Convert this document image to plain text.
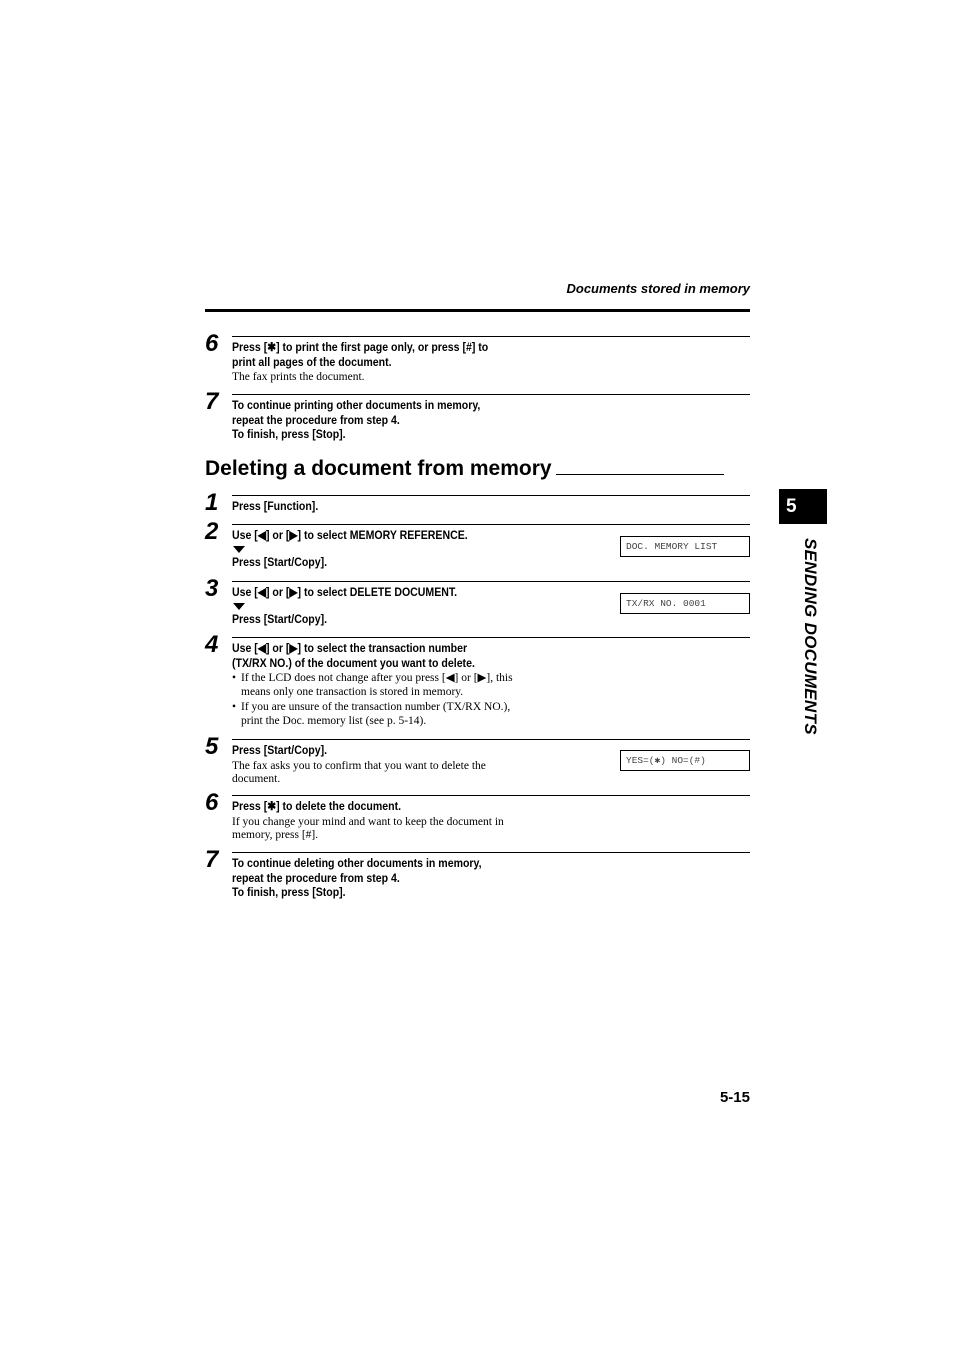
Documents stored in memory
6 Press [✱] to print the first page only, or press [#] to
print all pages of the document.
The fax prints the document.
7 To continue printing other documents in memory,
repeat the procedure from step 4.
To finish, press [Stop].
Deleting a document from memory
1 Press [Function].
2 Use [◀] or [▶] to select MEMORY REFERENCE.
Press [Start/Copy].
DOC. MEMORY LIST
3 Use [◀] or [▶] to select DELETE DOCUMENT.
Press [Start/Copy].
TX/RX NO. 0001
4 Use [◀] or [▶] to select the transaction number
(TX/RX NO.) of the document you want to delete.
• If the LCD does not change after you press [◀] or [▶], this
means only one transaction is stored in memory.
• If you are unsure of the transaction number (TX/RX NO.),
print the Doc. memory list (see p. 5-14).
5 Press [Start/Copy].
The fax asks you to confirm that you want to delete the
document.
YES=(✱) NO=(#)
6 Press [✱] to delete the document.
If you change your mind and want to keep the document in
memory, press [#].
7 To continue deleting other documents in memory,
repeat the procedure from step 4.
To finish, press [Stop].
5
SENDING DOCUMENTS
5-15
